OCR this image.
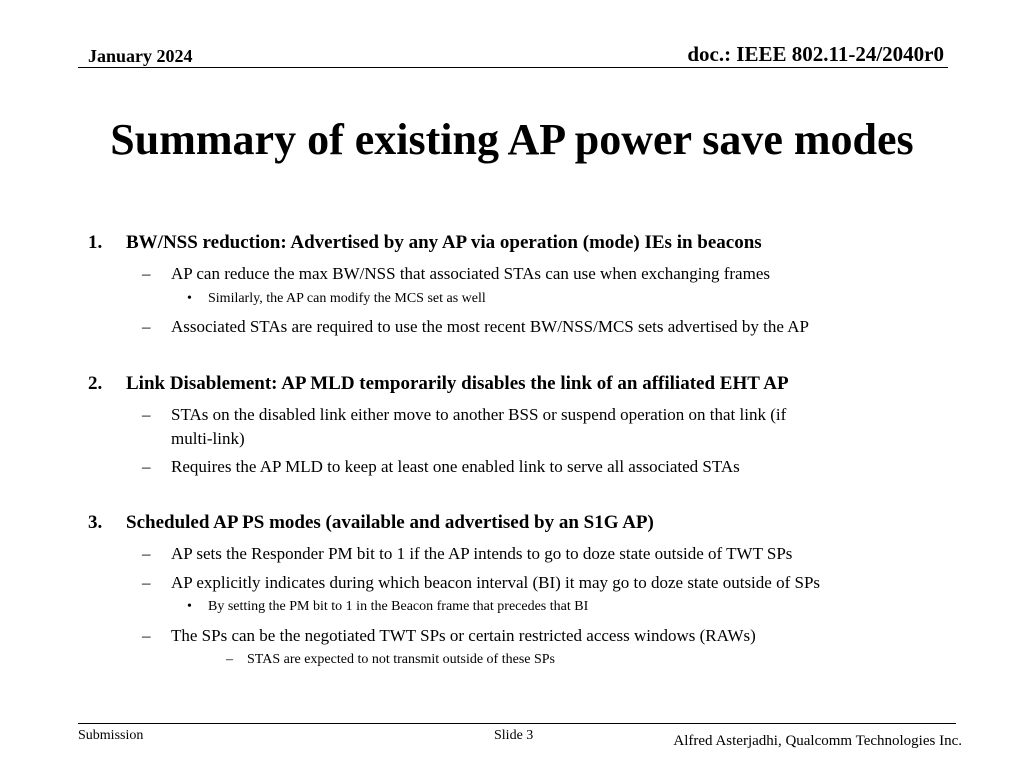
January 2024	doc.: IEEE 802.11-24/2040r0
Summary of existing AP power save modes
1. BW/NSS reduction: Advertised by any AP via operation (mode) IEs in beacons
– AP can reduce the max BW/NSS that associated STAs can use when exchanging frames
• Similarly, the AP can modify the MCS set as well
– Associated STAs are required to use the most recent BW/NSS/MCS sets advertised by the AP
2. Link Disablement: AP MLD temporarily disables the link of an affiliated EHT AP
– STAs on the disabled link either move to another BSS or suspend operation on that link (if
multi-link)
– Requires the AP MLD to keep at least one enabled link to serve all associated STAs
3. Scheduled AP PS modes (available and advertised by an S1G AP)
– AP sets the Responder PM bit to 1 if the AP intends to go to doze state outside of TWT SPs
– AP explicitly indicates during which beacon interval (BI) it may go to doze state outside of SPs
• By setting the PM bit to 1 in the Beacon frame that precedes that BI
– The SPs can be the negotiated TWT SPs or certain restricted access windows (RAWs)
– STAS are expected to not transmit outside of these SPs
Submission	Slide 3	Alfred Asterjadhi, Qualcomm Technologies Inc.
